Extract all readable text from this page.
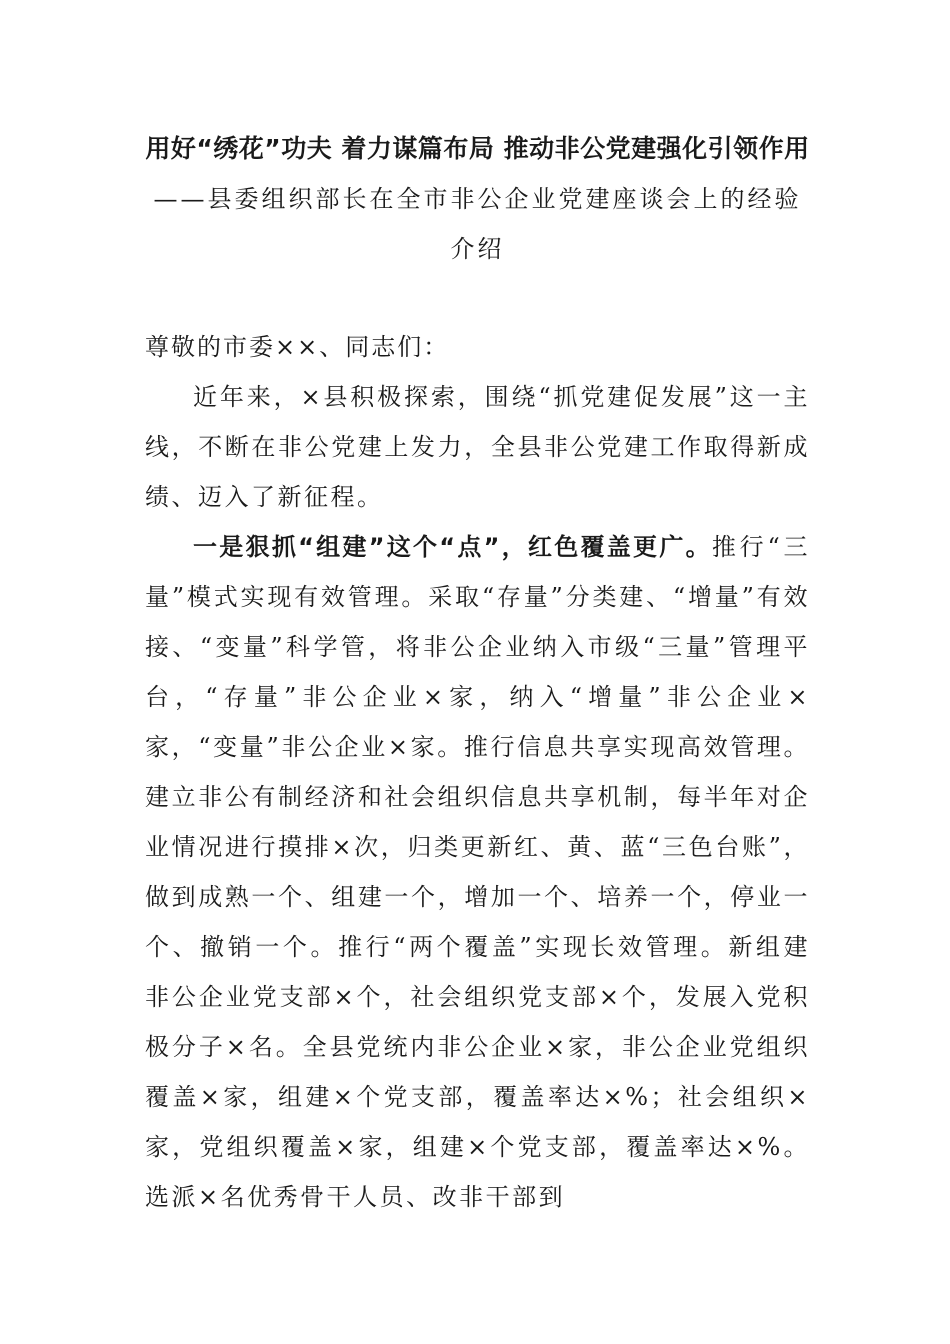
用好“绣花”功夫 着力谋篇布局 推动非公党建强化引领作用

——县委组织部长在全市非公企业党建座谈会上的经验介绍

尊敬的市委××、同志们：

近年来，×县积极探索，围绕“抓党建促发展”这一主线，不断在非公党建上发力，全县非公党建工作取得新成绩、迈入了新征程。

一是狠抓“组建”这个“点”，红色覆盖更广。推行“三量”模式实现有效管理。采取“存量”分类建、“增量”有效接、“变量”科学管，将非公企业纳入市级“三量”管理平台，“存量”非公企业×家，纳入“增量”非公企业×家，“变量”非公企业×家。推行信息共享实现高效管理。建立非公有制经济和社会组织信息共享机制，每半年对企业情况进行摸排×次，归类更新红、黄、蓝“三色台账”，做到成熟一个、组建一个，增加一个、培养一个，停业一个、撤销一个。推行“两个覆盖”实现长效管理。新组建非公企业党支部×个，社会组织党支部×个，发展入党积极分子×名。全县党统内非公企业×家，非公企业党组织覆盖×家，组建×个党支部，覆盖率达×%；社会组织×家，党组织覆盖×家，组建×个党支部，覆盖率达×%。选派×名优秀骨干人员、改非干部到
